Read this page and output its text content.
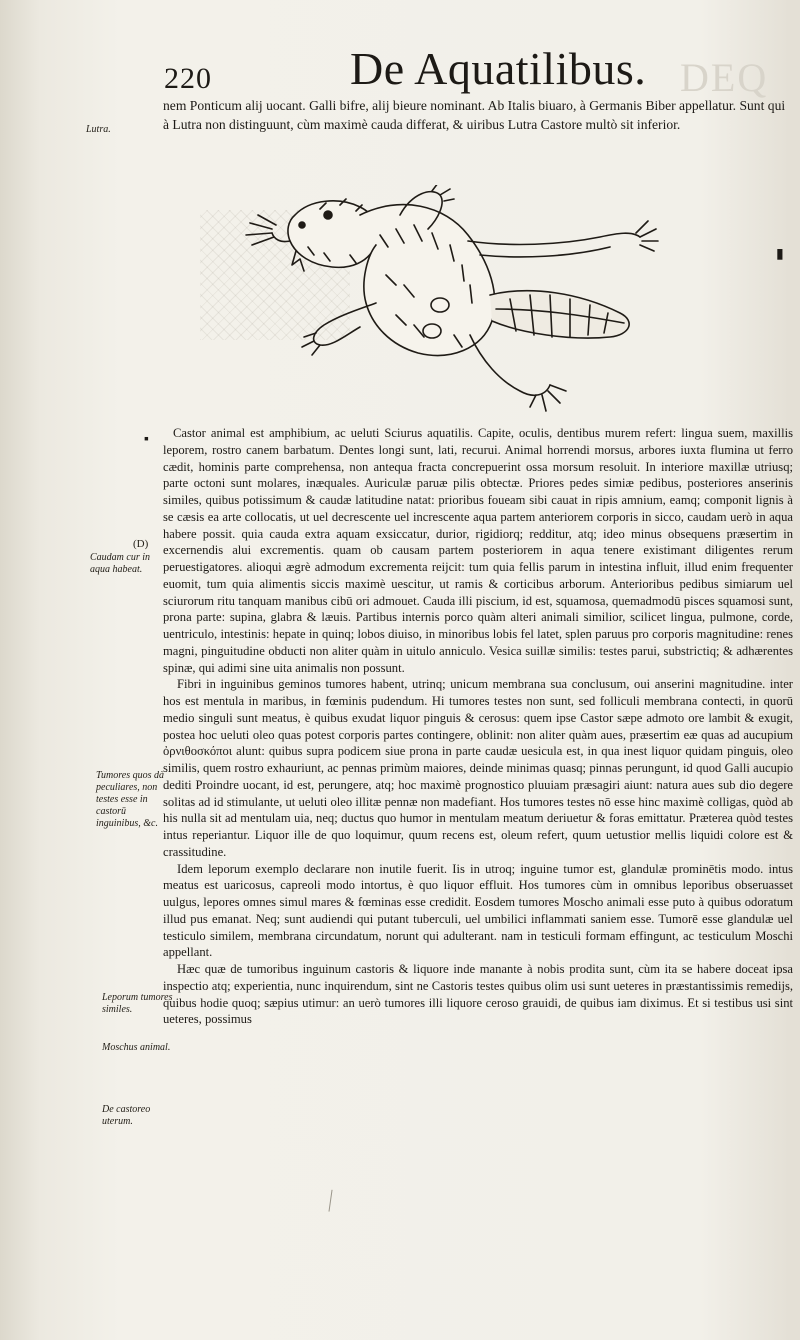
220	De Aquatilibus. DEQ
Lutra.

nem Ponticum alij uocant. Galli bifre, alij bieure nominant. Ab Italis biuaro, à Germanis Biber appellatur. Sunt qui à Lutra non distinguunt, cùm maximè cauda differat, & uiribus Lutra Castore multò sit inferior.

▮
▪
(D)
Caudam cur in aqua habeat.
Tumores quos dà peculiares, non testes esse in castorū inguinibus, &c.
Leporum tumores similes.
Moschus animal.
De castoreo uterum.

Castor animal est amphibium, ac ueluti Sciurus aquatilis. Capite, oculis, dentibus murem refert: lingua suem, maxillis leporem, rostro canem barbatum. Dentes longi sunt, lati, recurui. Animal horrendi morsus, arbores iuxta flumina ut ferro cædit, hominis parte comprehensa, non antequa fracta concrepuerint ossa morsum resoluit. In interiore maxillæ utriusq; parte octoni sunt molares, inæquales. Auriculæ paruæ pilis obtectæ. Priores pedes simiæ pedibus, posteriores anserinis similes, quibus potissimum & caudæ latitudine natat: prioribus foueam sibi cauat in ripis amnium, eamq; componit lignis à se cæsis ea arte collocatis, ut uel decrescente uel increscente aqua partem anteriorem corporis in sicco, caudam uerò in aqua habere possit. quia cauda extra aquam exsiccatur, durior, rigidiorq; redditur, atq; ideo minus obsequens præsertim in excernendis alui excrementis. quam ob causam partem posteriorem in aqua tenere existimant diligentes rerum peruestigatores. alioqui ægrè admodum excrementa reijcit: tum quia fellis parum in intestina influit, illud enim frequenter euomit, tum quia alimentis siccis maximè uescitur, ut ramis & corticibus arborum. Anterioribus pedibus simiarum uel sciurorum ritu tanquam manibus cibū ori admouet. Cauda illi piscium, id est, squamosa, quemadmodū pisces squamosi sunt, prona parte: supina, glabra & læuis. Partibus internis porco quàm alteri animali similior, scilicet lingua, pulmone, corde, uentriculo, intestinis: hepate in quinq; lobos diuiso, in minoribus lobis fel latet, splen paruus pro corporis magnitudine: renes magni, pinguitudine obducti non aliter quàm in uitulo anniculo. Vesica suillæ similis: testes parui, substrictiq; & adhærentes spinæ, qui adimi sine uita animalis non possunt.

Fibri in inguinibus geminos tumores habent, utrinq; unicum membrana sua conclusum, oui anserini magnitudine. inter hos est mentula in maribus, in fœminis pudendum. Hi tumores testes non sunt, sed folliculi membrana contecti, in quorū medio singuli sunt meatus, è quibus exudat liquor pinguis & cerosus: quem ipse Castor sæpe admoto ore lambit & exugit, postea hoc ueluti oleo quas potest corporis partes contingere, oblinit: non aliter quàm aues, præsertim eæ quas ad aucupium ὀρνιθοσκόποι alunt: quibus supra podicem siue prona in parte caudæ uesicula est, in qua inest liquor quidam pinguis, oleo similis, quem rostro exhauriunt, ac pennas primùm maiores, deinde minimas quasq; pinnas perungunt, id quod Galli aucupio dediti Proindre uocant, id est, perungere, atq; hoc maximè prognostico pluuiam præsagiri aiunt: natura aues sub dio degere solitas ad id stimulante, ut ueluti oleo illitæ pennæ non madefiant. Hos tumores testes nō esse hinc maximè colligas, quòd ab his nulla sit ad mentulam uia, neq; ductus quo humor in mentulam meatum deriuetur & foras emittatur. Præterea quòd testes intus reperiantur. Liquor ille de quo loquimur, quum recens est, oleum refert, quum uetustior mellis liquidi colore est & crassitudine.

Idem leporum exemplo declarare non inutile fuerit. Iis in utroq; inguine tumor est, glandulæ prominētis modo. intus meatus est uaricosus, capreoli modo intortus, è quo liquor effluit. Hos tumores cùm in omnibus leporibus obseruasset uulgus, lepores omnes simul mares & fœminas esse credidit. Eosdem tumores Moscho animali esse puto à quibus odoratum illud pus emanat. Neq; sunt audiendi qui putant tuberculi, uel umbilici inflammati saniem esse. Tumorē esse glandulæ uel testiculo similem, membrana circundatum, norunt qui adulterant. nam in testiculi formam effingunt, ac testiculum Moschi appellant.

Hæc quæ de tumoribus inguinum castoris & liquore inde manante à nobis prodita sunt, cùm ita se habere doceat ipsa inspectio atq; experientia, nunc inquirendum, sint ne Castoris testes quibus olim usi sunt ueteres in præstantissimis remedijs, quibus hodie quoq; sæpius utimur: an uerò tumores illi liquore ceroso grauidi, de quibus iam diximus. Et si testibus usi sint ueteres, possimus
